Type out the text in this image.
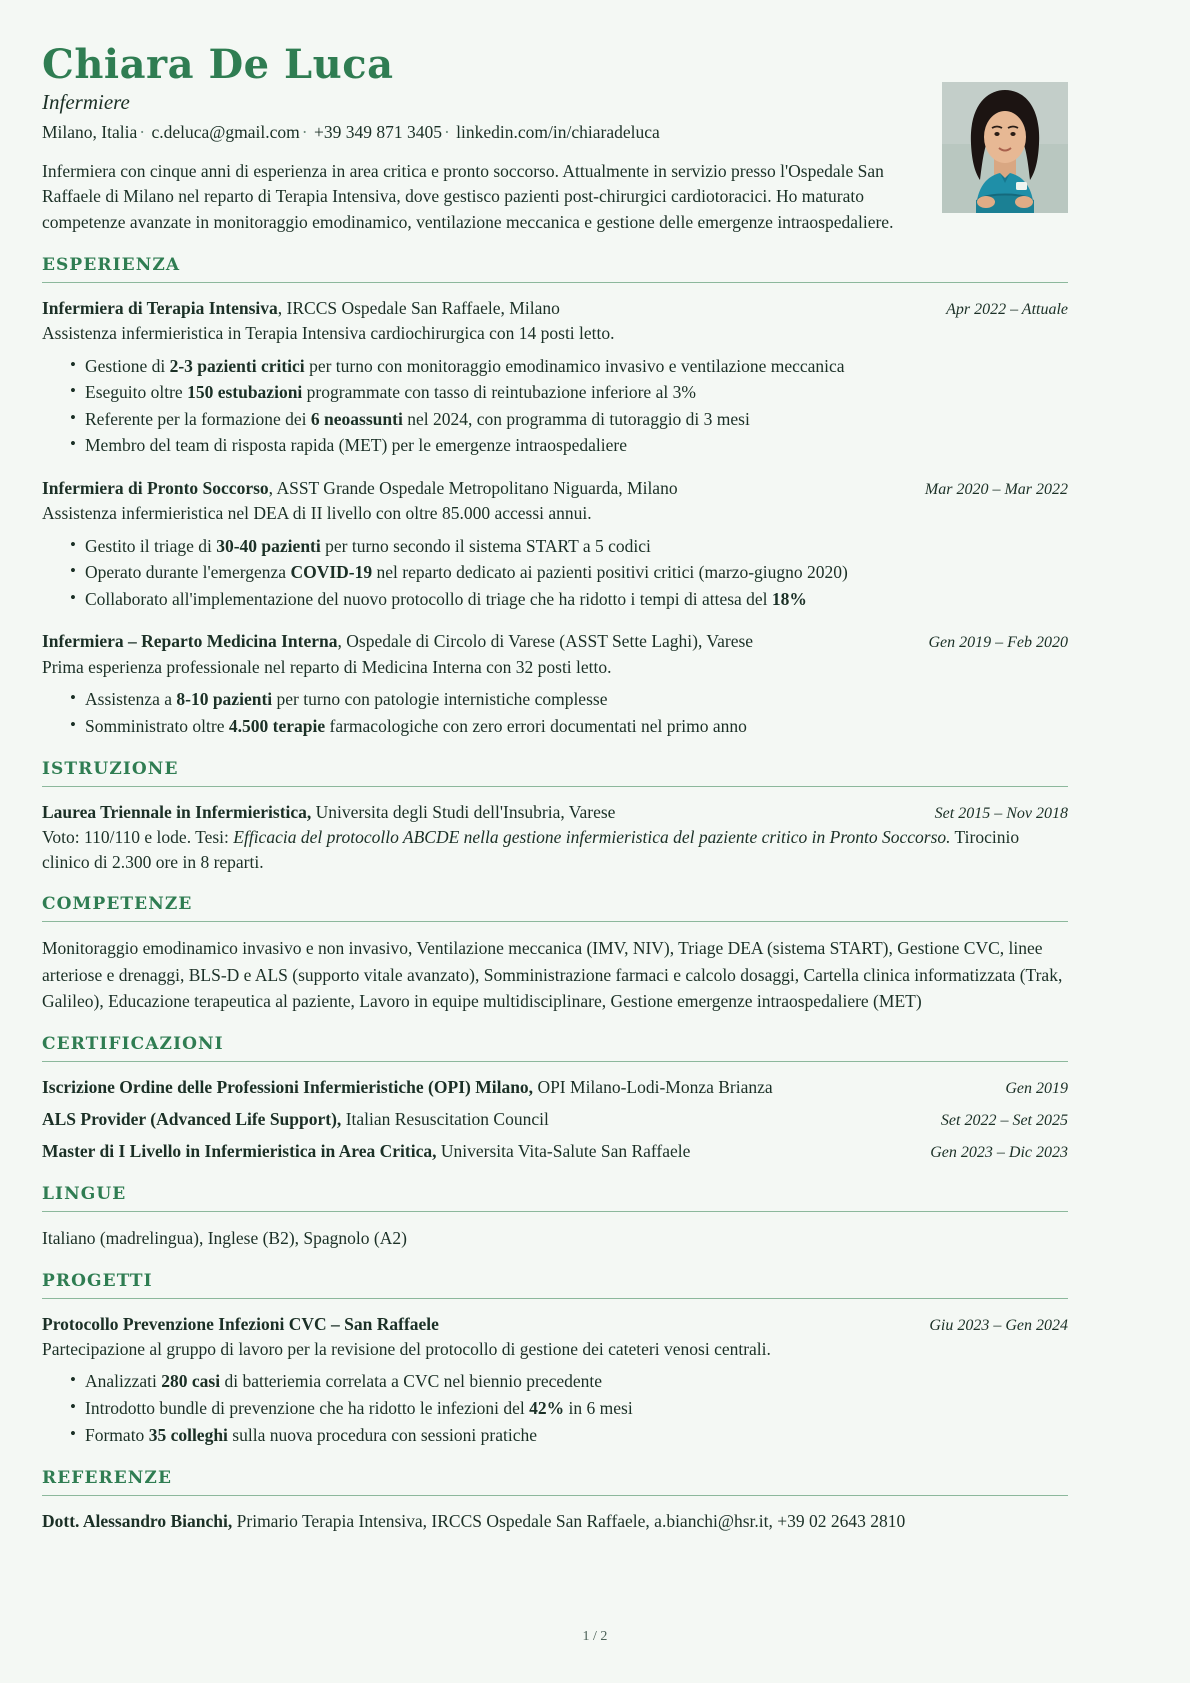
Chiara De Luca
Infermiere
Milano, Italia · c.deluca@gmail.com · +39 349 871 3405 · linkedin.com/in/chiaradeluca

Infermiera con cinque anni di esperienza in area critica e pronto soccorso. Attualmente in servizio presso l'Ospedale San Raffaele di Milano nel reparto di Terapia Intensiva, dove gestisco pazienti post-chirurgici cardiotoracici. Ho maturato competenze avanzate in monitoraggio emodinamico, ventilazione meccanica e gestione delle emergenze intraospedaliere.

ESPERIENZA
Infermiera di Terapia Intensiva, IRCCS Ospedale San Raffaele, Milano	Apr 2022 – Attuale
Assistenza infermieristica in Terapia Intensiva cardiochirurgica con 14 posti letto.
• Gestione di 2-3 pazienti critici per turno con monitoraggio emodinamico invasivo e ventilazione meccanica
• Eseguito oltre 150 estubazioni programmate con tasso di reintubazione inferiore al 3%
• Referente per la formazione dei 6 neoassunti nel 2024, con programma di tutoraggio di 3 mesi
• Membro del team di risposta rapida (MET) per le emergenze intraospedaliere
Infermiera di Pronto Soccorso, ASST Grande Ospedale Metropolitano Niguarda, Milano	Mar 2020 – Mar 2022
Assistenza infermieristica nel DEA di II livello con oltre 85.000 accessi annui.
• Gestito il triage di 30-40 pazienti per turno secondo il sistema START a 5 codici
• Operato durante l'emergenza COVID-19 nel reparto dedicato ai pazienti positivi critici (marzo-giugno 2020)
• Collaborato all'implementazione del nuovo protocollo di triage che ha ridotto i tempi di attesa del 18%
Infermiera – Reparto Medicina Interna, Ospedale di Circolo di Varese (ASST Sette Laghi), Varese	Gen 2019 – Feb 2020
Prima esperienza professionale nel reparto di Medicina Interna con 32 posti letto.
• Assistenza a 8-10 pazienti per turno con patologie internistiche complesse
• Somministrato oltre 4.500 terapie farmacologiche con zero errori documentati nel primo anno
ISTRUZIONE
Laurea Triennale in Infermieristica, Universita degli Studi dell'Insubria, Varese	Set 2015 – Nov 2018
Voto: 110/110 e lode. Tesi: Efficacia del protocollo ABCDE nella gestione infermieristica del paziente critico in Pronto Soccorso. Tirocinio clinico di 2.300 ore in 8 reparti.
COMPETENZE

Monitoraggio emodinamico invasivo e non invasivo, Ventilazione meccanica (IMV, NIV), Triage DEA (sistema START), Gestione CVC, linee arteriose e drenaggi, BLS-D e ALS (supporto vitale avanzato), Somministrazione farmaci e calcolo dosaggi, Cartella clinica informatizzata (Trak, Galileo), Educazione terapeutica al paziente, Lavoro in equipe multidisciplinare, Gestione emergenze intraospedaliere (MET)

CERTIFICAZIONI
Iscrizione Ordine delle Professioni Infermieristiche (OPI) Milano, OPI Milano-Lodi-Monza Brianza	Gen 2019
ALS Provider (Advanced Life Support), Italian Resuscitation Council	Set 2022 – Set 2025
Master di I Livello in Infermieristica in Area Critica, Universita Vita-Salute San Raffaele	Gen 2023 – Dic 2023
LINGUE

Italiano (madrelingua), Inglese (B2), Spagnolo (A2)

PROGETTI
Protocollo Prevenzione Infezioni CVC – San Raffaele	Giu 2023 – Gen 2024
Partecipazione al gruppo di lavoro per la revisione del protocollo di gestione dei cateteri venosi centrali.
• Analizzati 280 casi di batteriemia correlata a CVC nel biennio precedente
• Introdotto bundle di prevenzione che ha ridotto le infezioni del 42% in 6 mesi
• Formato 35 colleghi sulla nuova procedura con sessioni pratiche
REFERENZE
Dott. Alessandro Bianchi, Primario Terapia Intensiva, IRCCS Ospedale San Raffaele, a.bianchi@hsr.it, +39 02 2643 2810
1 / 2
